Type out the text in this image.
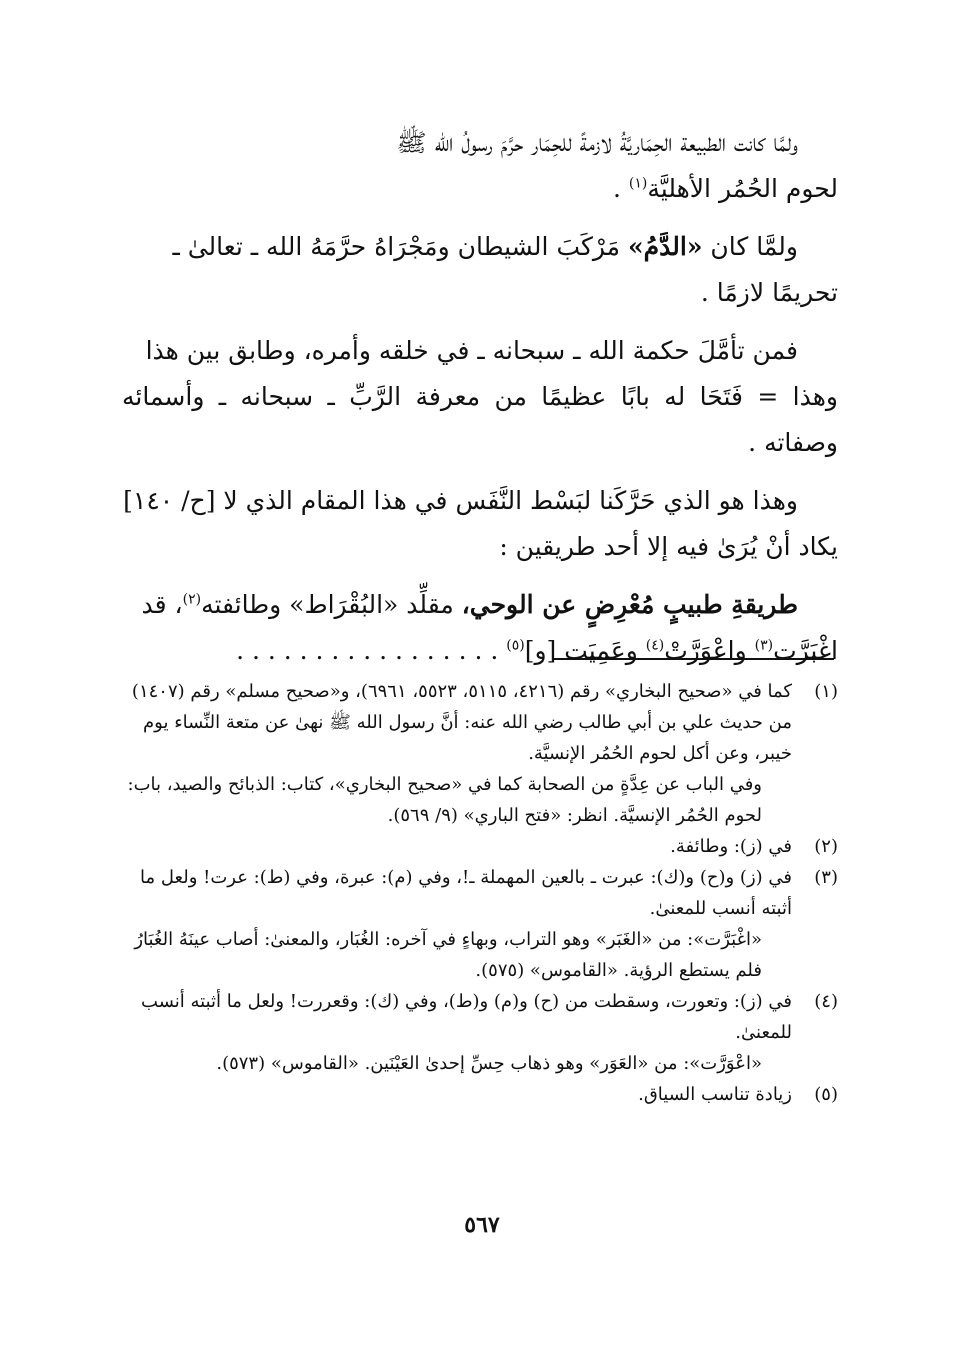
ولمَّا كانت الطبيعة الحِمَاريَّةُ لازمةً للحِمَار حرَّمَ رسولُ الله ﷺ
لحوم الحُمُر الأهليَّة$^{(١)}$ .

ولمَّا كان «الدَّمُ» مَرْكَبَ الشيطان ومَجْرَاهُ حرَّمَهُ الله ـ تعالىٰ ـ
تحريمًا لازمًا .

فمن تأمَّلَ حكمة الله ـ سبحانه ـ في خلقه وأمره، وطابق بين هذا
وهذا = فَتَحَا له بابًا عظيمًا من معرفة الرَّبِّ ـ سبحانه ـ وأسمائه وصفاته .

وهذا هو الذي حَرَّكَنا لبَسْط النَّفَس في هذا المقام الذي لا [ح/ ١٤٠]
يكاد أنْ يُرَىٰ فيه إلا أحد طريقين :

طريقةِ طبيبٍ مُعْرِضٍ عن الوحي، مقلِّد «البُقْرَاط» وطائفته$^{(٢)}$، قد
اغْبَرَّت$^{(٣)}$ واعْوَرَّتْ$^{(٤)}$ وعَمِيَت [و]$^{(٥)}$ . . . . . . . . . . . . . . . . .

(١)
كما في «صحيح البخاري» رقم (٤٢١٦، ٥١١٥، ٥٥٢٣، ٦٩٦١)، و«صحيح مسلم» رقم (١٤٠٧) من حديث علي بن أبي طالب رضي الله عنه: أنَّ رسول الله ﷺ نهىٰ عن متعة النِّساء يوم خيبر، وعن أكل لحوم الحُمُر الإنسيَّة.
وفي الباب عن عِدَّةٍ من الصحابة كما في «صحيح البخاري»، كتاب: الذبائح والصيد، باب: لحوم الحُمُر الإنسيَّة. انظر: «فتح الباري» (٩/ ٥٦٩).
(٢)
في (ز): وطائفة.
(٣)
في (ز) و(ح) و(ك): عبرت ـ بالعين المهملة ـ!، وفي (م): عبرة، وفي (ط): عرت! ولعل ما أثبته أنسب للمعنىٰ.
«اغْبَرَّت»: من «الغَبَر» وهو التراب، وبهاءٍ في آخره: الغُبَار، والمعنىٰ: أصاب عينَهُ الغُبَارُ فلم يستطع الرؤية. «القاموس» (٥٧٥).
(٤)
في (ز): وتعورت، وسقطت من (ح) و(م) و(ط)، وفي (ك): وقعررت! ولعل ما أثبته أنسب للمعنىٰ.
«اعْوَرَّت»: من «العَوَر» وهو ذهاب حِسِّ إحدىٰ العَيْنَين. «القاموس» (٥٧٣).
(٥)
زيادة تناسب السياق.
٥٦٧
